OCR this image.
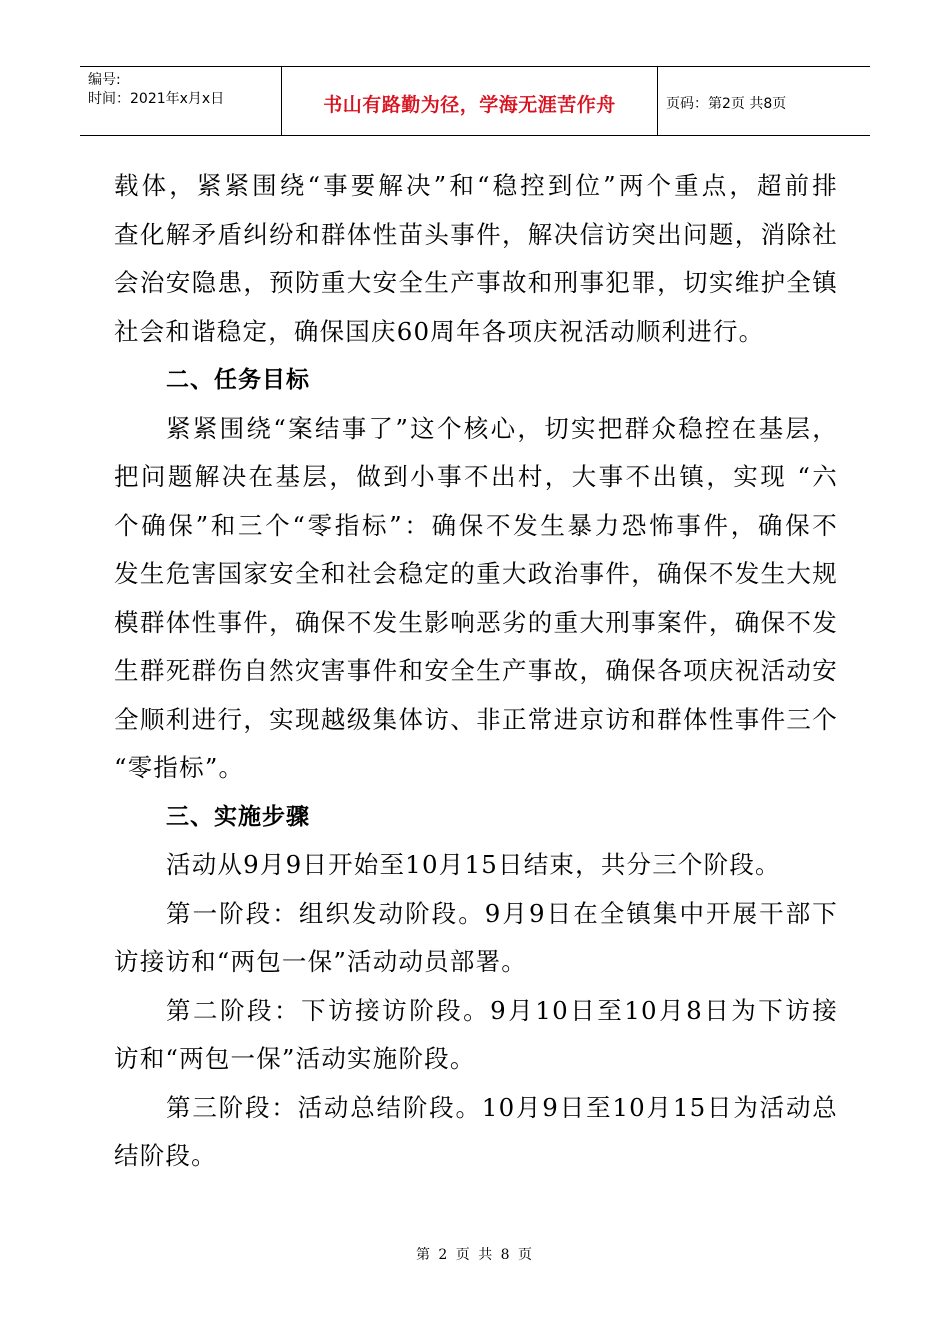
编号:
时间：2021年x月x日	书山有路勤为径，学海无涯苦作舟	页码：第2页 共8页
载体，紧紧围绕“事要解决”和“稳控到位”两个重点，超前排
查化解矛盾纠纷和群体性苗头事件，解决信访突出问题，消除社
会治安隐患，预防重大安全生产事故和刑事犯罪，切实维护全镇
社会和谐稳定，确保国庆60周年各项庆祝活动顺利进行。
二、任务目标
紧紧围绕“案结事了”这个核心，切实把群众稳控在基层，
把问题解决在基层，做到小事不出村，大事不出镇，实现 “六
个确保”和三个“零指标”：确保不发生暴力恐怖事件，确保不
发生危害国家安全和社会稳定的重大政治事件，确保不发生大规
模群体性事件，确保不发生影响恶劣的重大刑事案件，确保不发
生群死群伤自然灾害事件和安全生产事故，确保各项庆祝活动安
全顺利进行，实现越级集体访、非正常进京访和群体性事件三个
“零指标”。
三、实施步骤
活动从9月9日开始至10月15日结束，共分三个阶段。
第一阶段：组织发动阶段。9月9日在全镇集中开展干部下
访接访和“两包一保”活动动员部署。
第二阶段：下访接访阶段。9月10日至10月8日为下访接
访和“两包一保”活动实施阶段。
第三阶段：活动总结阶段。10月9日至10月15日为活动总
结阶段。
第 2 页 共 8 页
